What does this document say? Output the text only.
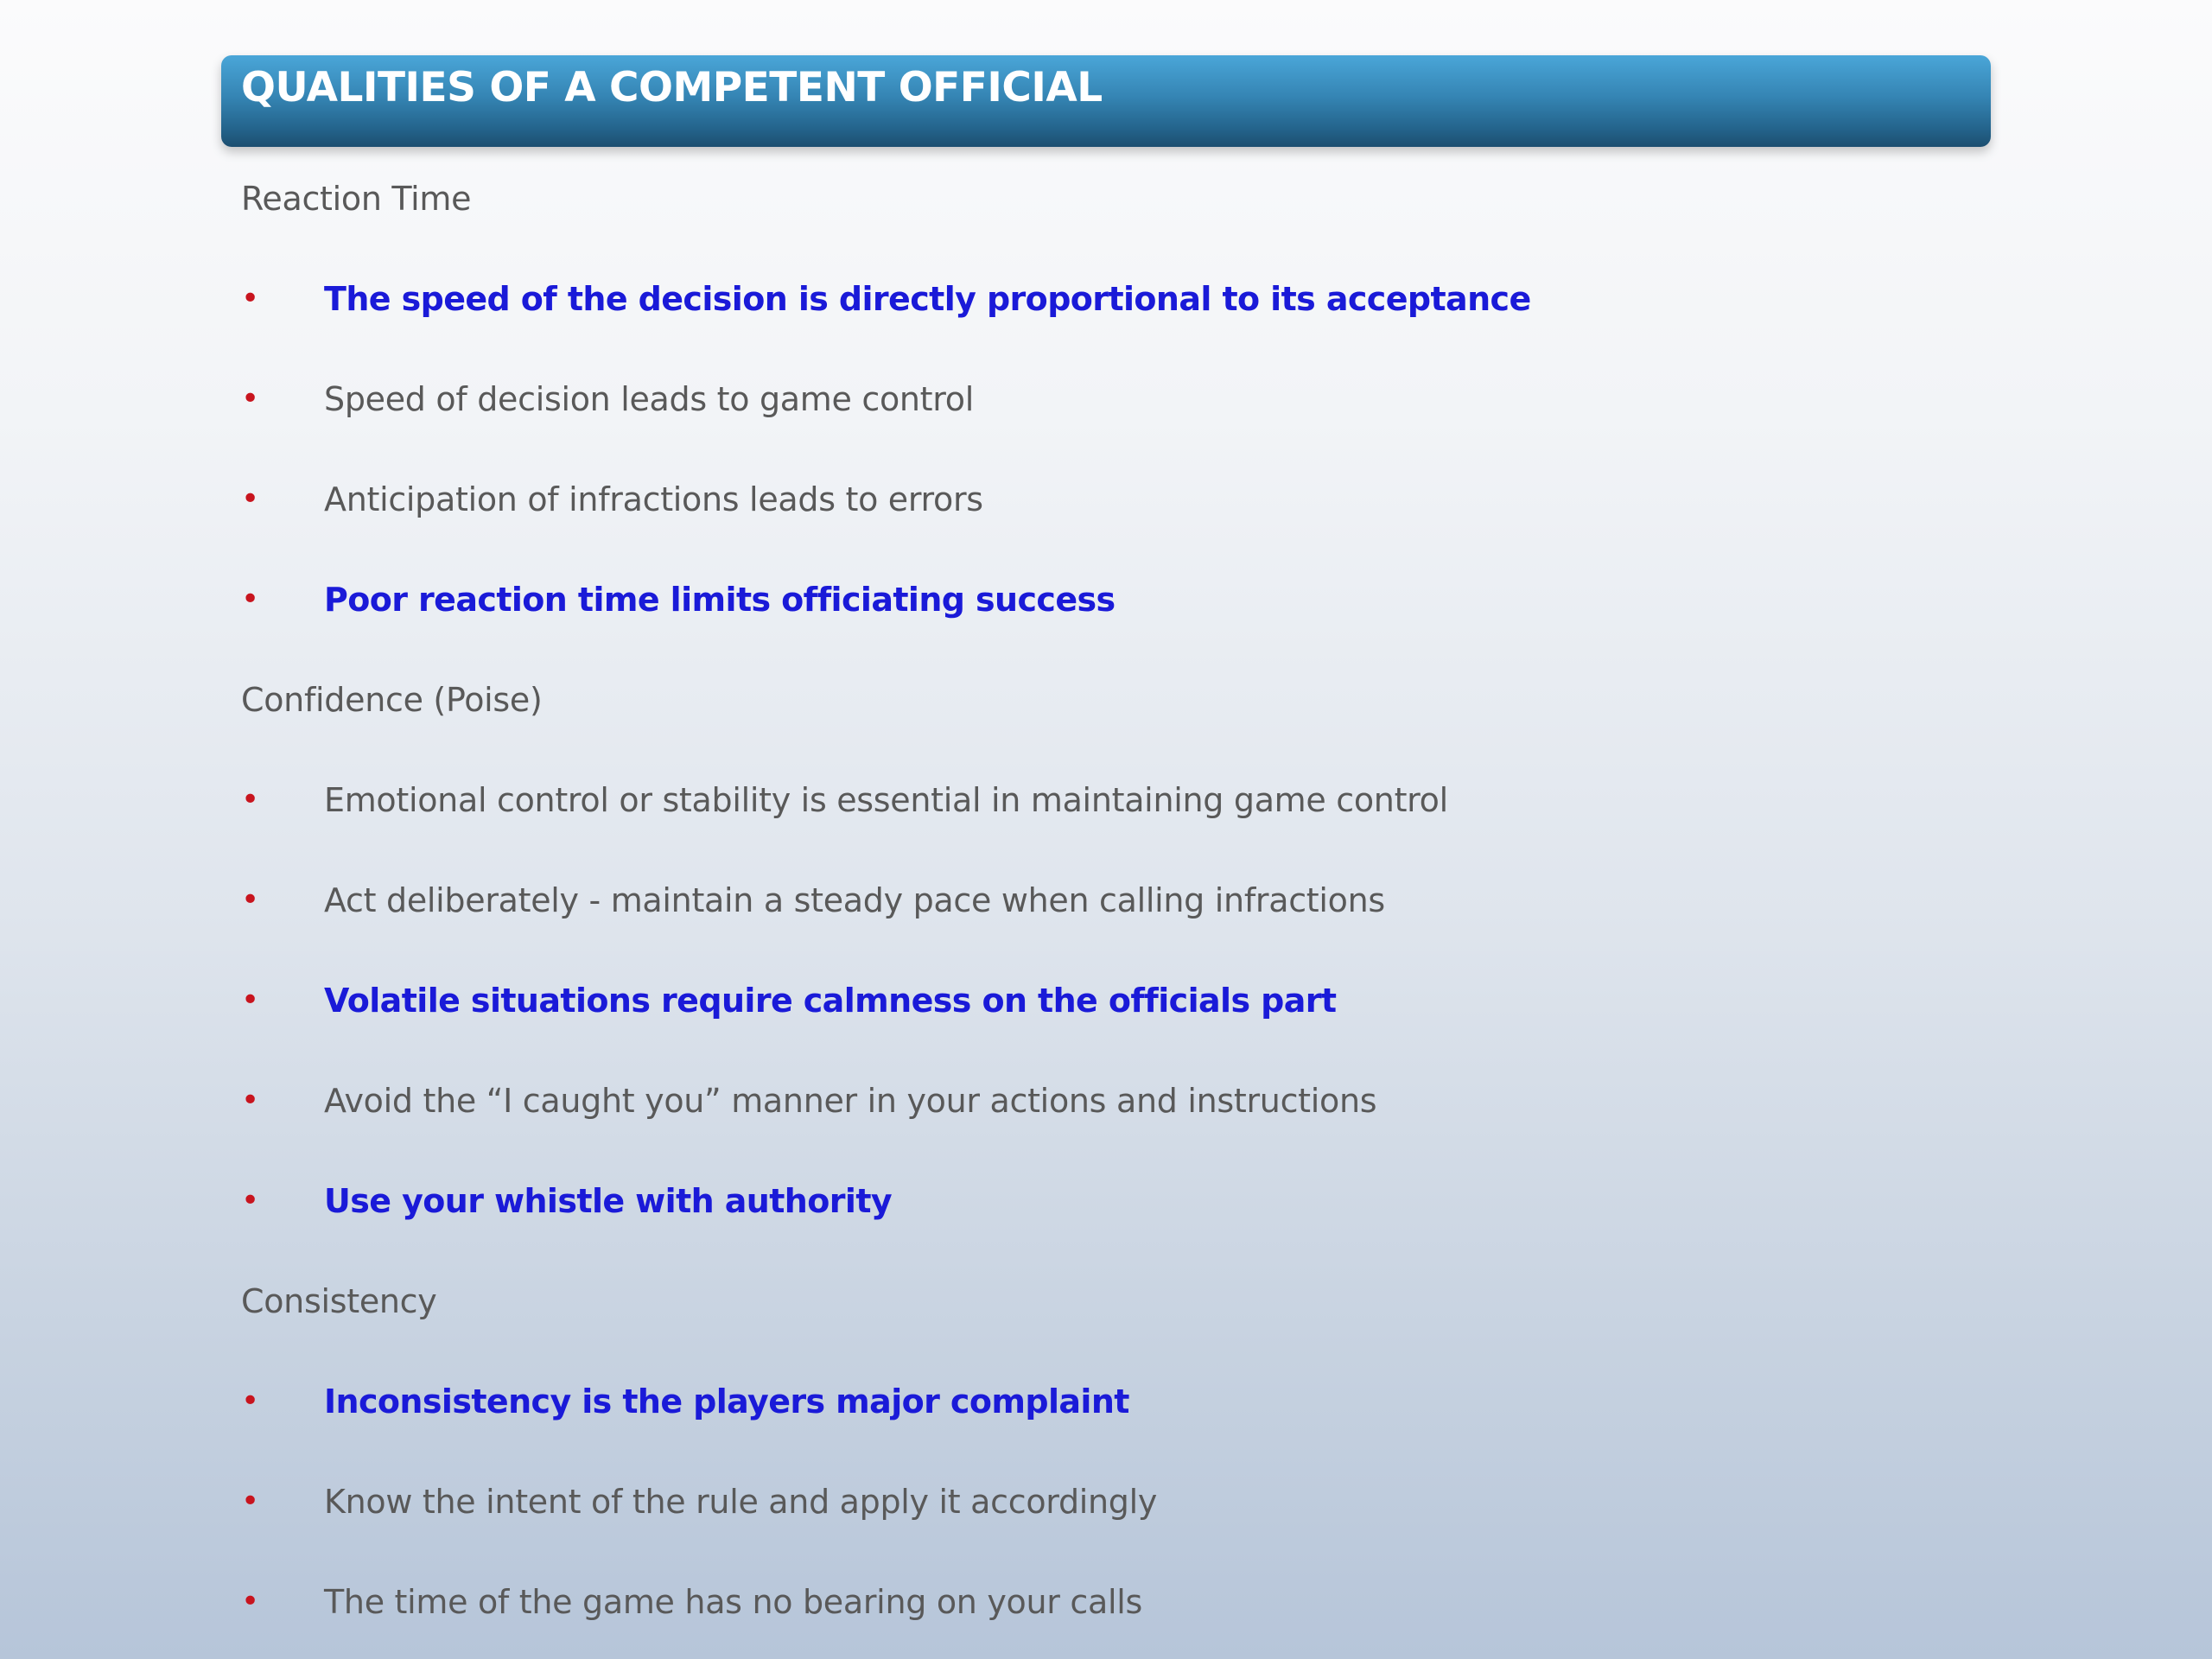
QUALITIES OF A COMPETENT OFFICIAL
Reaction Time
• The speed of the decision is directly proportional to its acceptance
• Speed of decision leads to game control
• Anticipation of infractions leads to errors
• Poor reaction time limits officiating success
Confidence (Poise)
• Emotional control or stability is essential in maintaining game control
• Act deliberately - maintain a steady pace when calling infractions
• Volatile situations require calmness on the officials part
• Avoid the “I caught you” manner in your actions and instructions
• Use your whistle with authority
Consistency
• Inconsistency is the players major complaint
• Know the intent of the rule and apply it accordingly
• The time of the game has no bearing on your calls
